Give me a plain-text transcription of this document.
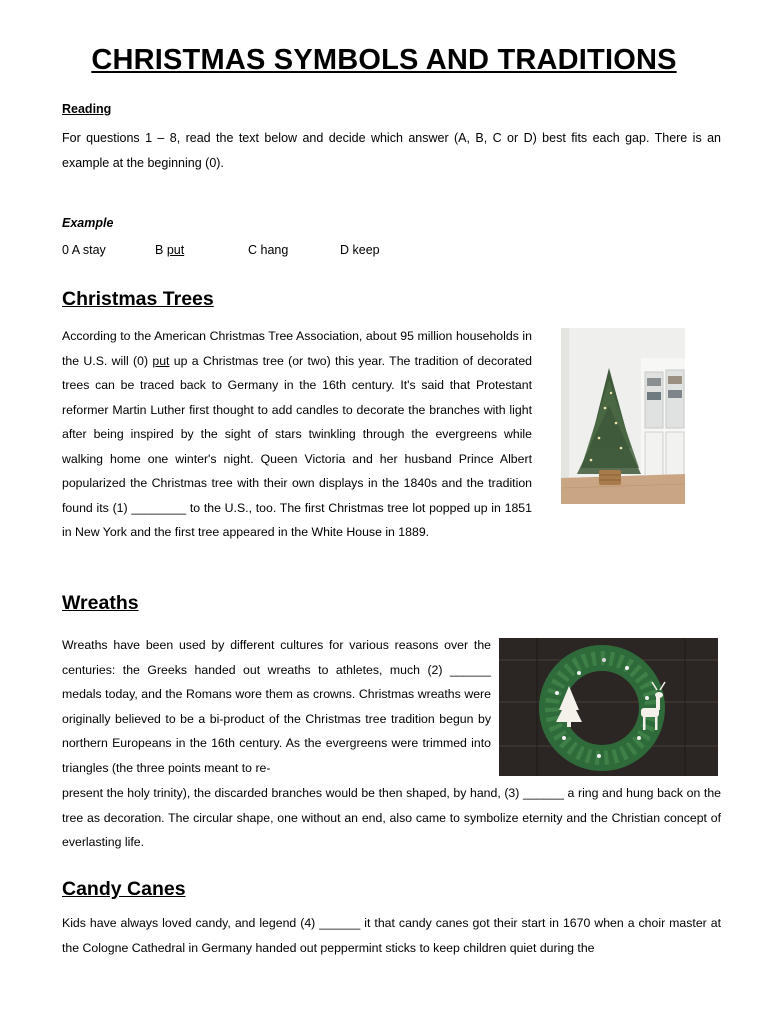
CHRISTMAS SYMBOLS AND TRADITIONS
Reading
For questions 1 – 8, read the text below and decide which answer (A, B, C or D) best fits each gap. There is an example at the beginning (0).
Example
0 A stay	B put	C hang	D keep
Christmas Trees
According to the American Christmas Tree Association, about 95 million households in the U.S. will (0) put up a Christmas tree (or two) this year. The tradition of decorated trees can be traced back to Germany in the 16th century. It's said that Protestant reformer Martin Luther first thought to add candles to decorate the branches with light after being inspired by the sight of stars twinkling through the evergreens while walking home one winter's night. Queen Victoria and her husband Prince Albert popularized the Christmas tree with their own displays in the 1840s and the tradition found its (1) ________ to the U.S., too. The first Christmas tree lot popped up in 1851 in New York and the first tree appeared in the White House in 1889.
Wreaths
Wreaths have been used by different cultures for various reasons over the centuries: the Greeks handed out wreaths to athletes, much (2) ______ medals today, and the Romans wore them as crowns. Christmas wreaths were originally believed to be a bi-product of the Christmas tree tradition begun by northern Europeans in the 16th century. As the evergreens were trimmed into triangles (the three points meant to re-
present the holy trinity), the discarded branches would be then shaped, by hand, (3) ______ a ring and hung back on the tree as decoration. The circular shape, one without an end, also came to symbolize eternity and the Christian concept of everlasting life.
Candy Canes
Kids have always loved candy, and legend (4) ______ it that candy canes got their start in 1670 when a choir master at the Cologne Cathedral in Germany handed out peppermint sticks to keep children quiet during the
